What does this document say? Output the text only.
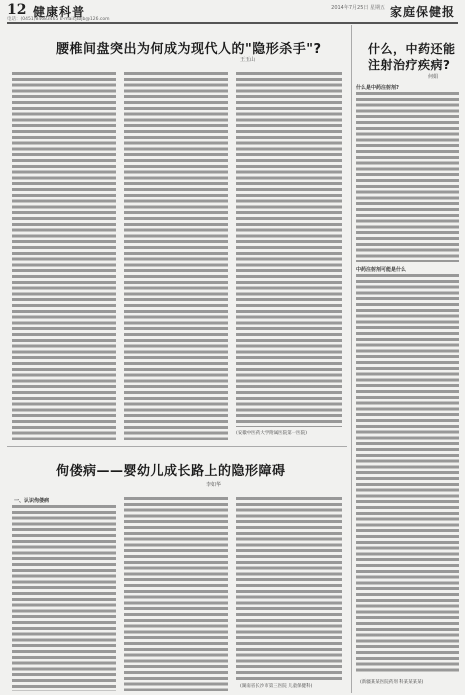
12 健康科普	2014年7月25日 星期五 家庭保健报
电话：(0451)84683465 E-mail:jtbjb@126.com
腰椎间盘突出为何成为现代人的"隐形杀手"?
王玉山
(安徽中医药大学附属医院第一医院)
佝偻病——婴幼儿成长路上的隐形障碍
李如华
一、认识佝偻病
(湖南省长沙市第三医院 儿童保健科)
什么，中药还能
注射治疗疾病?
何娟
什么是中药注射剂?
中药注射剂可能是什么
(新疆某某医院药剂 科某某某某)
